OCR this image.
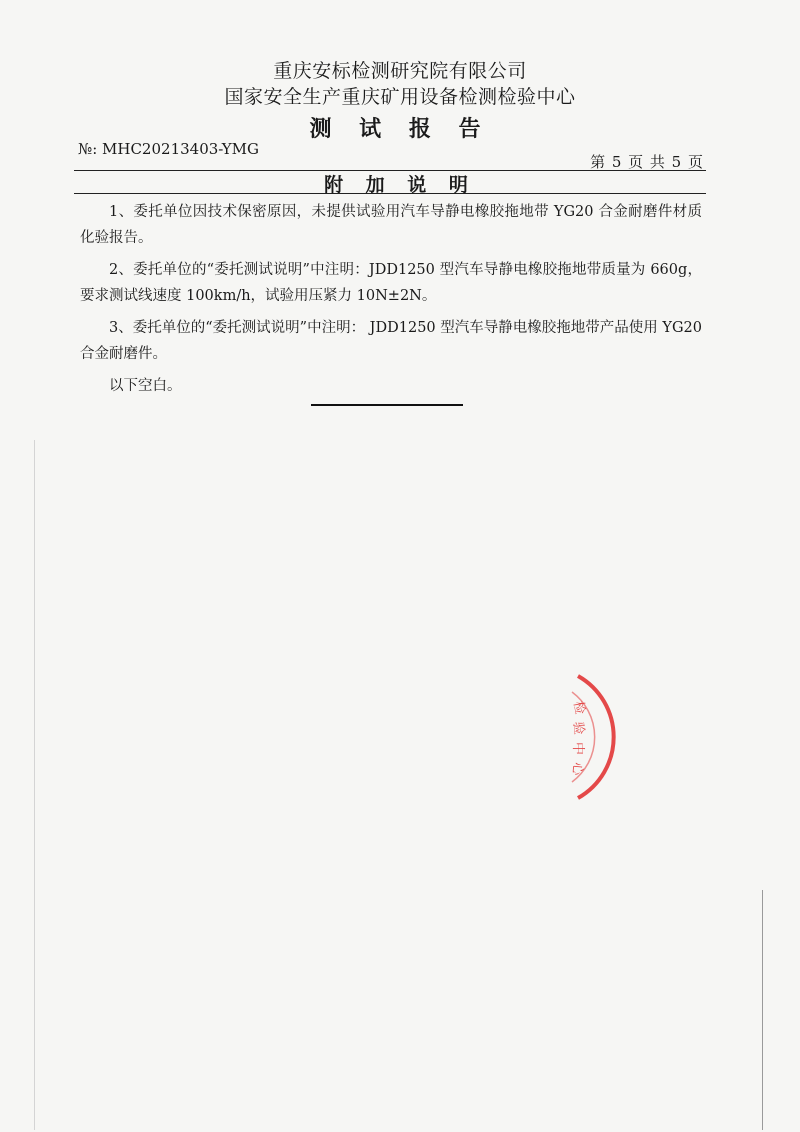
重庆安标检测研究院有限公司
国家安全生产重庆矿用设备检测检验中心
测 试 报 告
№: MHC20213403-YMG
第 5 页 共 5 页
附 加 说 明

1、委托单位因技术保密原因，未提供试验用汽车导静电橡胶拖地带 YG20 合金耐磨件材质化验报告。

2、委托单位的“委托测试说明”中注明：JDD1250 型汽车导静电橡胶拖地带质量为 660g，要求测试线速度 100km/h，试验用压紧力 10N±2N。

3、委托单位的“委托测试说明”中注明： JDD1250 型汽车导静电橡胶拖地带产品使用 YG20 合金耐磨件。

以下空白。

检
验
中
心
